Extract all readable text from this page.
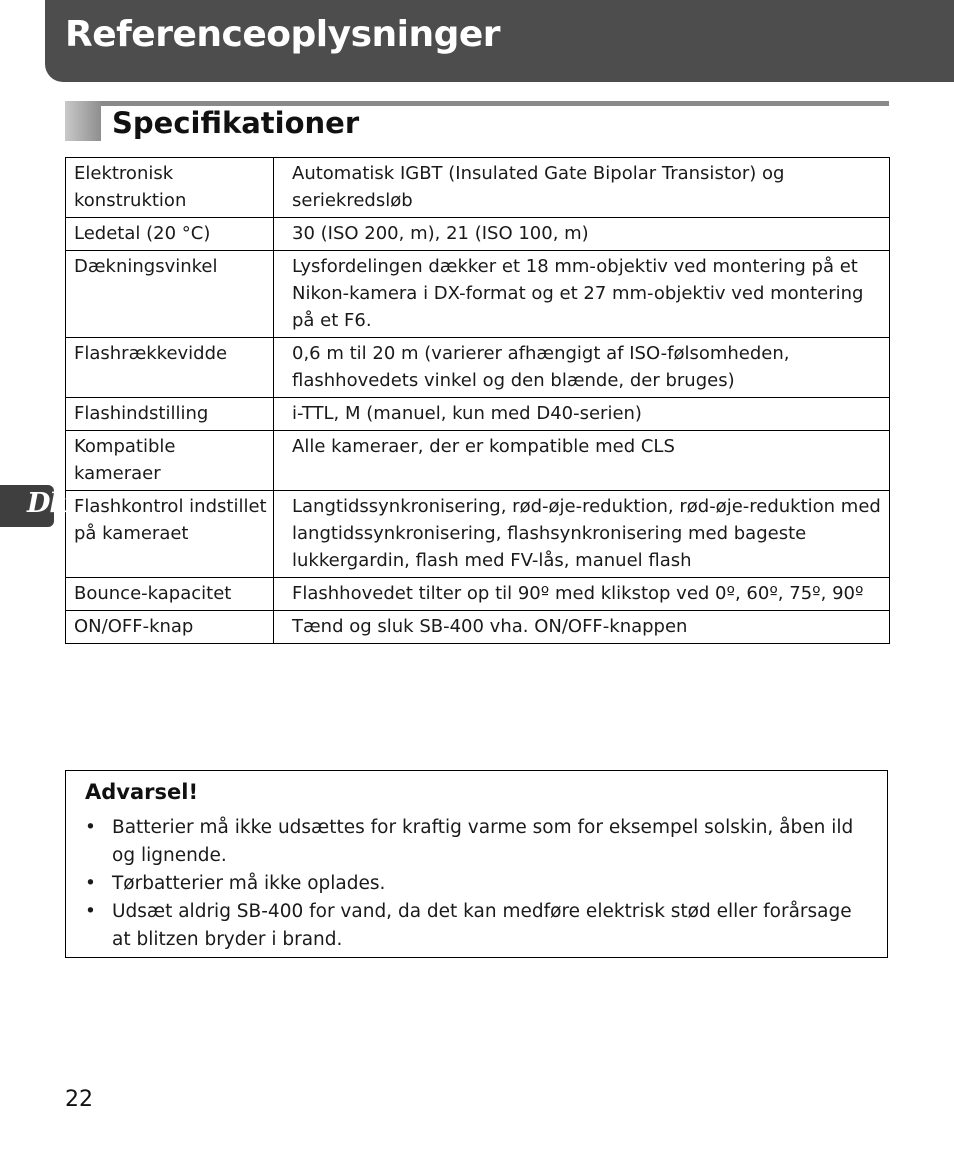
Referenceoplysninger
Specifikationer
Elektronisk konstruktion	Automatisk IGBT (Insulated Gate Bipolar Transistor) og seriekredsløb
Ledetal (20 °C)	30 (ISO 200, m), 21 (ISO 100, m)
Dækningsvinkel	Lysfordelingen dækker et 18 mm-objektiv ved montering på et Nikon-kamera i DX-format og et 27 mm-objektiv ved montering på et F6.
Flashrækkevidde	0,6 m til 20 m (varierer afhængigt af ISO-følsomheden, flashhovedets vinkel og den blænde, der bruges)
Flashindstilling	i-TTL, M (manuel, kun med D40-serien)
Kompatible kameraer	Alle kameraer, der er kompatible med CLS
Flashkontrol indstillet på kameraet	Langtidssynkronisering, rød-øje-reduktion, rød-øje-reduktion med langtidssynkronisering, flashsynkronisering med bageste lukkergardin, flash med FV-lås, manuel flash
Bounce-kapacitet	Flashhovedet tilter op til 90º med klikstop ved 0º, 60º, 75º, 90º
ON/OFF-knap	Tænd og sluk SB-400 vha. ON/OFF-knappen
Dk
Advarsel!
• Batterier må ikke udsættes for kraftig varme som for eksempel solskin, åben ild og lignende.
• Tørbatterier må ikke oplades.
• Udsæt aldrig SB-400 for vand, da det kan medføre elektrisk stød eller forårsage at blitzen bryder i brand.
22
